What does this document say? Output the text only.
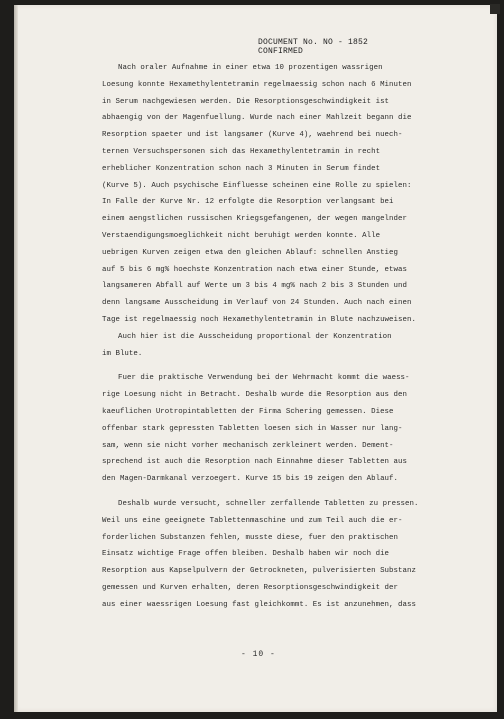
DOCUMENT No. NO - 1852
CONFIRMED
Nach oraler Aufnahme in einer etwa 10 prozentigen wassrigen
Loesung konnte Hexamethylentetramin regelmaessig schon nach 6 Minuten
in Serum nachgewiesen werden. Die Resorptionsgeschwindigkeit ist
abhaengig von der Magenfuellung. Wurde nach einer Mahlzeit begann die
Resorption spaeter und ist langsamer (Kurve 4), waehrend bei nuech-
ternen Versuchspersonen sich das Hexamethylentetramin in recht
erheblicher Konzentration schon nach 3 Minuten in Serum findet
(Kurve 5). Auch psychische Einfluesse scheinen eine Rolle zu spielen:
In Falle der Kurve Nr. 12 erfolgte die Resorption verlangsamt bei
einem aengstlichen russischen Kriegsgefangenen, der wegen mangelnder
Verstaendigungsmoeglichkeit nicht beruhigt werden konnte. Alle
uebrigen Kurven zeigen etwa den gleichen Ablauf: schnellen Anstieg
auf 5 bis 6 mg% hoechste Konzentration nach etwa einer Stunde, etwas
langsameren Abfall auf Werte um 3 bis 4 mg% nach 2 bis 3 Stunden und
denn langsame Ausscheidung im Verlauf von 24 Stunden. Auch nach einen
Tage ist regelmaessig noch Hexamethylentetramin in Blute nachzuweisen.
Auch hier ist die Ausscheidung proportional der Konzentration
im Blute.
Fuer die praktische Verwendung bei der Wehrmacht kommt die waess-
rige Loesung nicht in Betracht. Deshalb wurde die Resorption aus den
kaeuflichen Urotropintabletten der Firma Schering gemessen. Diese
offenbar stark gepressten Tabletten loesen sich in Wasser nur lang-
sam, wenn sie nicht vorher mechanisch zerkleinert werden. Dement-
sprechend ist auch die Resorption nach Einnahme dieser Tabletten aus
den Magen-Darmkanal verzoegert. Kurve 15 bis 19 zeigen den Ablauf.
Deshalb wurde versucht, schneller zerfallende Tabletten zu pressen.
Weil uns eine geeignete Tablettenmaschine und zum Teil auch die er-
forderlichen Substanzen fehlen, musste diese, fuer den praktischen
Einsatz wichtige Frage offen bleiben. Deshalb haben wir noch die
Resorption aus Kapselpulvern der Getrockneten, pulverisierten Substanz
gemessen und Kurven erhalten, deren Resorptionsgeschwindigkeit der
aus einer waessrigen Loesung fast gleichkommt. Es ist anzunehmen, dass
- 10 -
